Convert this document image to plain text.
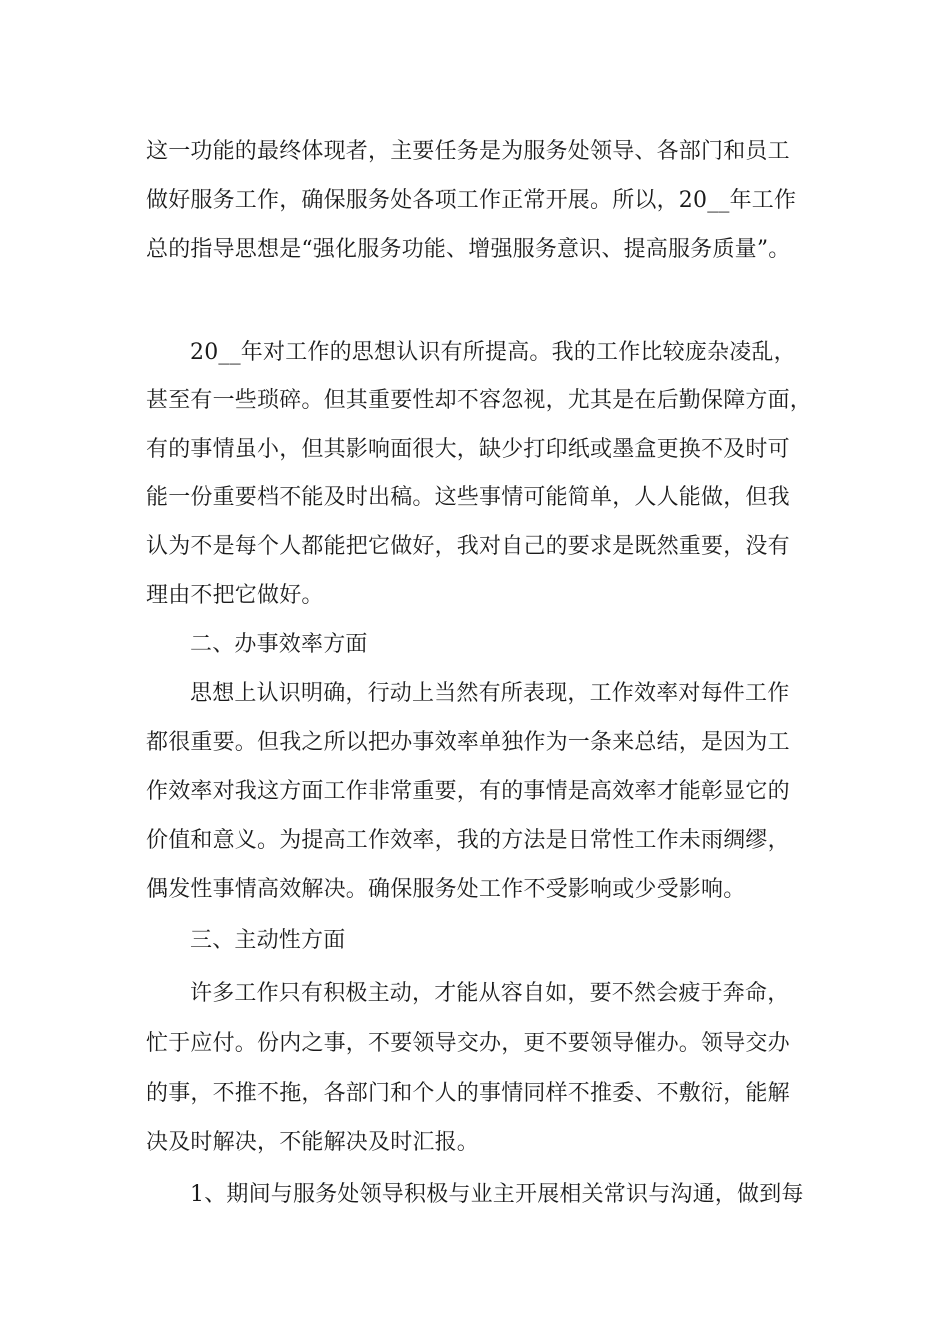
这一功能的最终体现者，主要任务是为服务处领导、各部门和员工

做好服务工作，确保服务处各项工作正常开展。所以，20__年工作

总的指导思想是“强化服务功能、增强服务意识、提高服务质量”。

20__年对工作的思想认识有所提高。我的工作比较庞杂凌乱，

甚至有一些琐碎。但其重要性却不容忽视，尤其是在后勤保障方面，

有的事情虽小，但其影响面很大，缺少打印纸或墨盒更换不及时可

能一份重要档不能及时出稿。这些事情可能简单，人人能做，但我

认为不是每个人都能把它做好，我对自己的要求是既然重要，没有

理由不把它做好。

二、办事效率方面

思想上认识明确，行动上当然有所表现，工作效率对每件工作

都很重要。但我之所以把办事效率单独作为一条来总结，是因为工

作效率对我这方面工作非常重要，有的事情是高效率才能彰显它的

价值和意义。为提高工作效率，我的方法是日常性工作未雨绸缪，

偶发性事情高效解决。确保服务处工作不受影响或少受影响。

三、主动性方面

许多工作只有积极主动，才能从容自如，要不然会疲于奔命，

忙于应付。份内之事，不要领导交办，更不要领导催办。领导交办

的事，不推不拖，各部门和个人的事情同样不推委、不敷衍，能解

决及时解决，不能解决及时汇报。

1、期间与服务处领导积极与业主开展相关常识与沟通，做到每
